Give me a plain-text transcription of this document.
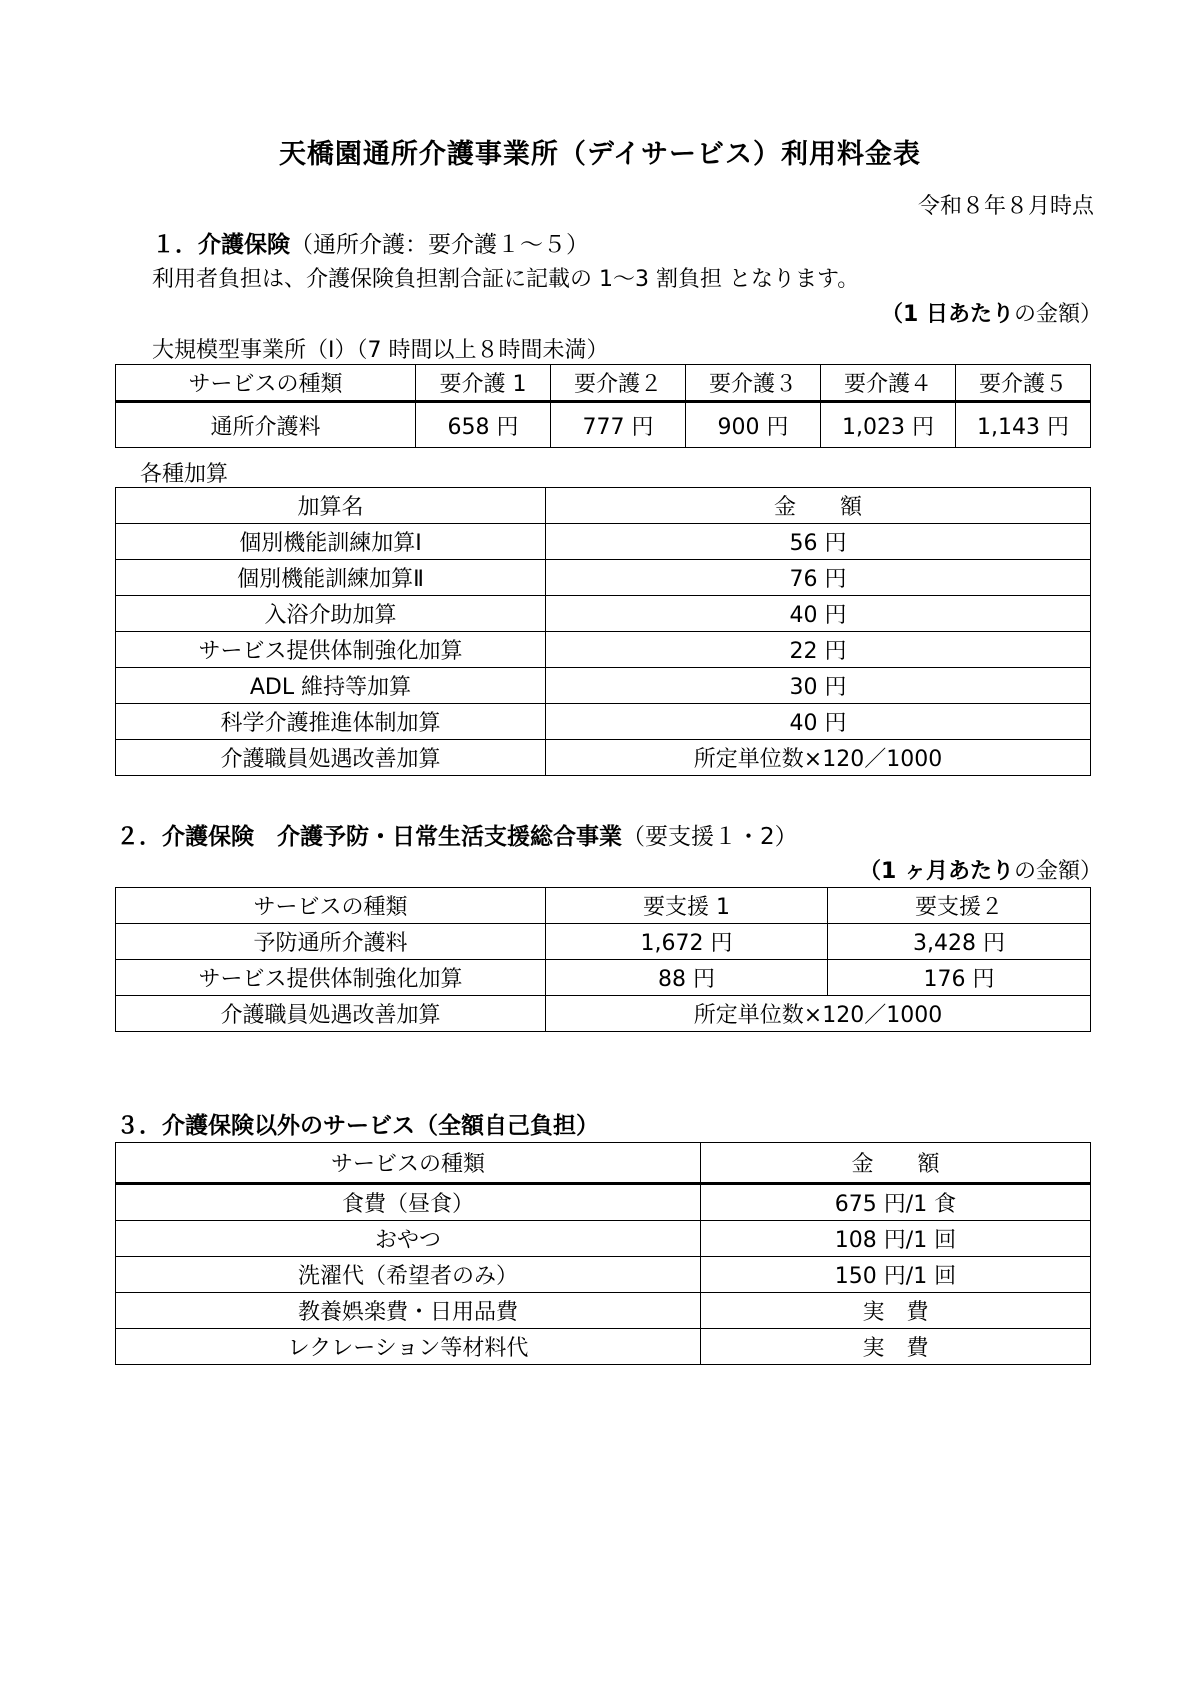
天橋園通所介護事業所（デイサービス）利用料金表
令和８年８月時点
１．介護保険（通所介護：要介護１～５）
利用者負担は、介護保険負担割合証に記載の 1～3 割負担 となります。
（1 日あたりの金額）
大規模型事業所（Ⅰ）（7 時間以上８時間未満）
サービスの種類	要介護 1	要介護２	要介護３	要介護４	要介護５
通所介護料	658 円	777 円	900 円	1,023 円	1,143 円
各種加算
加算名	金　　額
個別機能訓練加算Ⅰ	56 円
個別機能訓練加算Ⅱ	76 円
入浴介助加算	40 円
サービス提供体制強化加算	22 円
ADL 維持等加算	30 円
科学介護推進体制加算	40 円
介護職員処遇改善加算	所定単位数×120／1000
２．介護保険　介護予防・日常生活支援総合事業（要支援１・2）
（1 ヶ月あたりの金額）
サービスの種類	要支援 1	要支援２
予防通所介護料	1,672 円	3,428 円
サービス提供体制強化加算	88 円	176 円
介護職員処遇改善加算	所定単位数×120／1000	
３．介護保険以外のサービス（全額自己負担）
サービスの種類	金　　額
食費（昼食）	675 円/1 食
おやつ	108 円/1 回
洗濯代（希望者のみ）	150 円/1 回
教養娯楽費・日用品費	実　費
レクレーション等材料代	実　費
